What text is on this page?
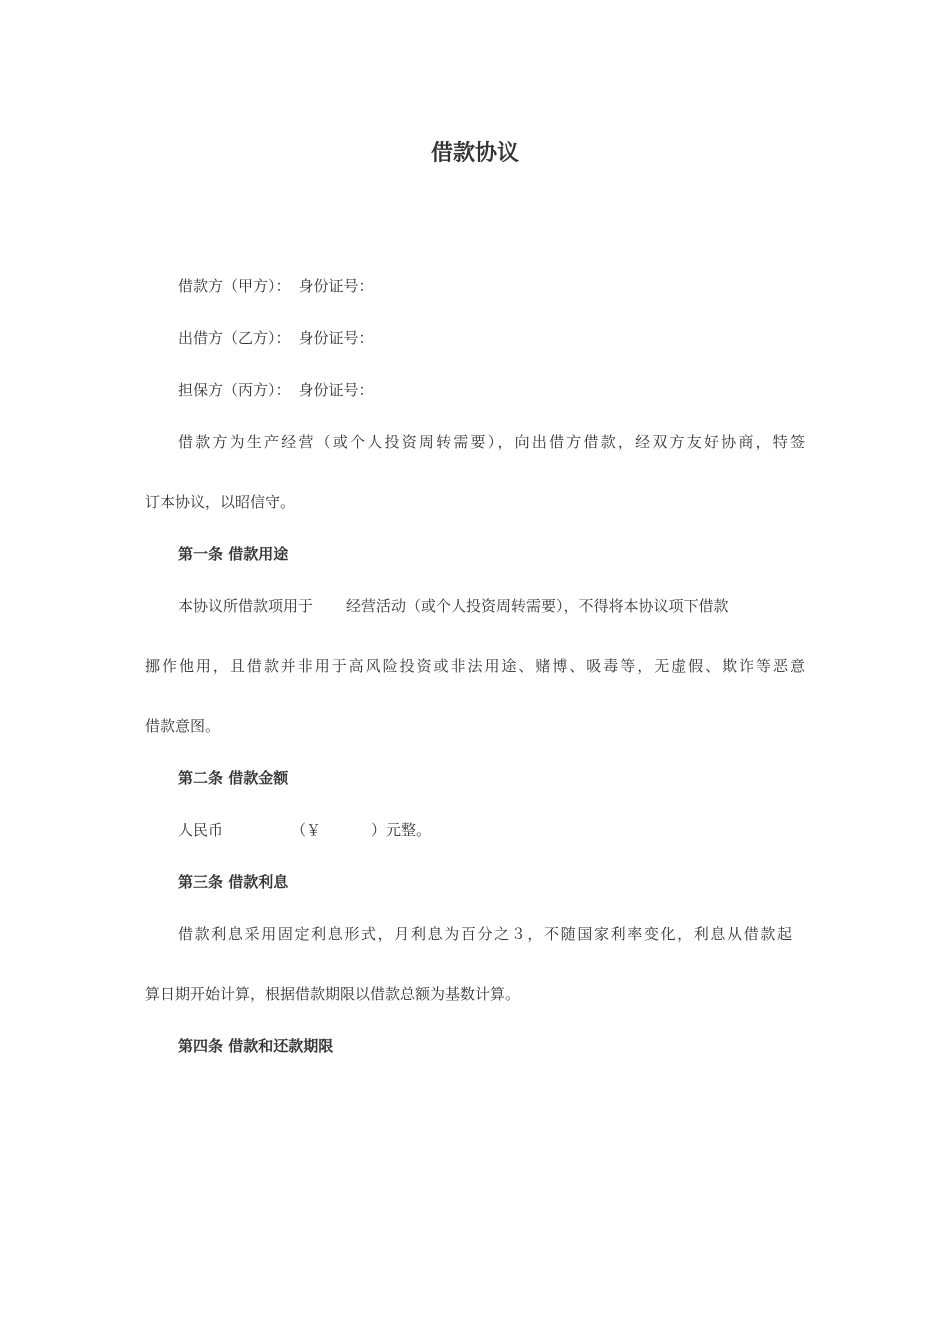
借款协议
借款方（甲方）： 身份证号：
出借方（乙方）： 身份证号：
担保方（丙方）： 身份证号：
借款方为生产经营（或个人投资周转需要），向出借方借款，经双方友好协商，特签
订本协议，以昭信守。
第一条 借款用途
本协议所借款项用于 经营活动（或个人投资周转需要），不得将本协议项下借款
挪作他用，且借款并非用于高风险投资或非法用途、赌博、吸毒等，无虚假、欺诈等恶意
借款意图。
第二条 借款金额
人民币	（￥	）元整。
第三条 借款利息
借款利息采用固定利息形式，月利息为百分之３，不随国家利率变化，利息从借款起
算日期开始计算，根据借款期限以借款总额为基数计算。
第四条 借款和还款期限
